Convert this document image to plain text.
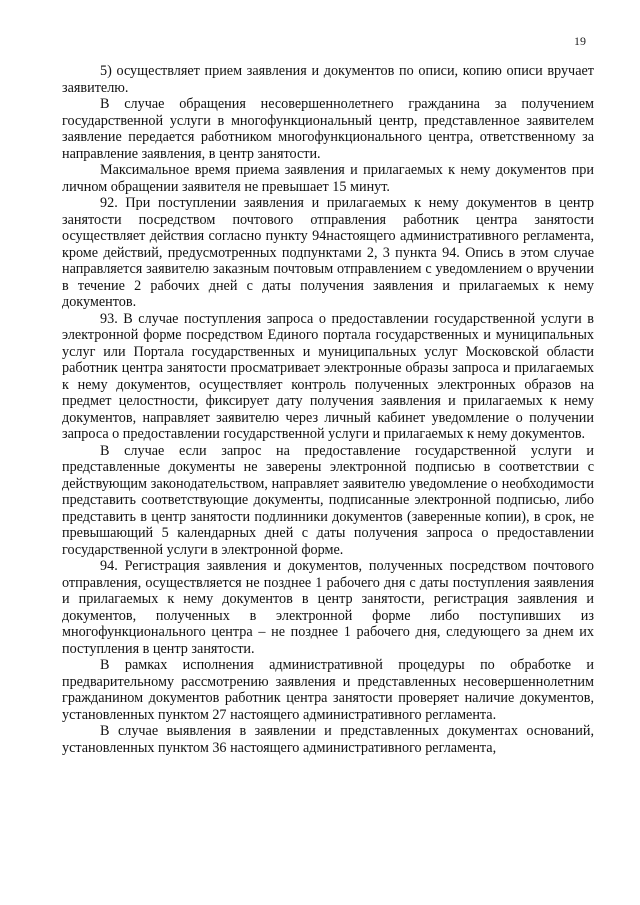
19

5) осуществляет прием заявления и документов по описи, копию описи вручает заявителю.

В случае обращения несовершеннолетнего гражданина за получением государственной услуги в многофункциональный центр, представленное заявителем заявление передается работником многофункционального центра, ответственному за направление заявления, в центр занятости.

Максимальное время приема заявления и прилагаемых к нему документов при личном обращении заявителя не превышает 15 минут.

92. При поступлении заявления и прилагаемых к нему документов в центр занятости посредством почтового отправления работник центра занятости осуществляет действия согласно пункту 94настоящего административного регламента, кроме действий, предусмотренных подпунктами 2, 3 пункта 94. Опись в этом случае направляется заявителю заказным почтовым отправлением с уведомлением о вручении в течение 2 рабочих дней с даты получения заявления и прилагаемых к нему документов.

93. В случае поступления запроса о предоставлении государственной услуги в электронной форме посредством Единого портала государственных и муниципальных услуг или Портала государственных и муниципальных услуг Московской области работник центра занятости просматривает электронные образы запроса и прилагаемых к нему документов, осуществляет контроль полученных электронных образов на предмет целостности, фиксирует дату получения заявления и прилагаемых к нему документов, направляет заявителю через личный кабинет уведомление о получении запроса о предоставлении государственной услуги и прилагаемых к нему документов.

В случае если запрос на предоставление государственной услуги и представленные документы не заверены электронной подписью в соответствии с действующим законодательством, направляет заявителю уведомление о необходимости представить соответствующие документы, подписанные электронной подписью, либо представить в центр занятости подлинники документов (заверенные копии), в срок, не превышающий 5 календарных дней с даты получения запроса о предоставлении государственной услуги в электронной форме.

94. Регистрация заявления и документов, полученных посредством почтового отправления, осуществляется не позднее 1 рабочего дня с даты поступления заявления и прилагаемых к нему документов в центр занятости, регистрация заявления и документов, полученных в электронной форме либо поступивших из многофункционального центра – не позднее 1 рабочего дня, следующего за днем их поступления в центр занятости.

В рамках исполнения административной процедуры по обработке и предварительному рассмотрению заявления и представленных несовершеннолетним гражданином документов работник центра занятости проверяет наличие документов, установленных пунктом 27 настоящего административного регламента.

В случае выявления в заявлении и представленных документах оснований, установленных пунктом 36 настоящего административного регламента,
